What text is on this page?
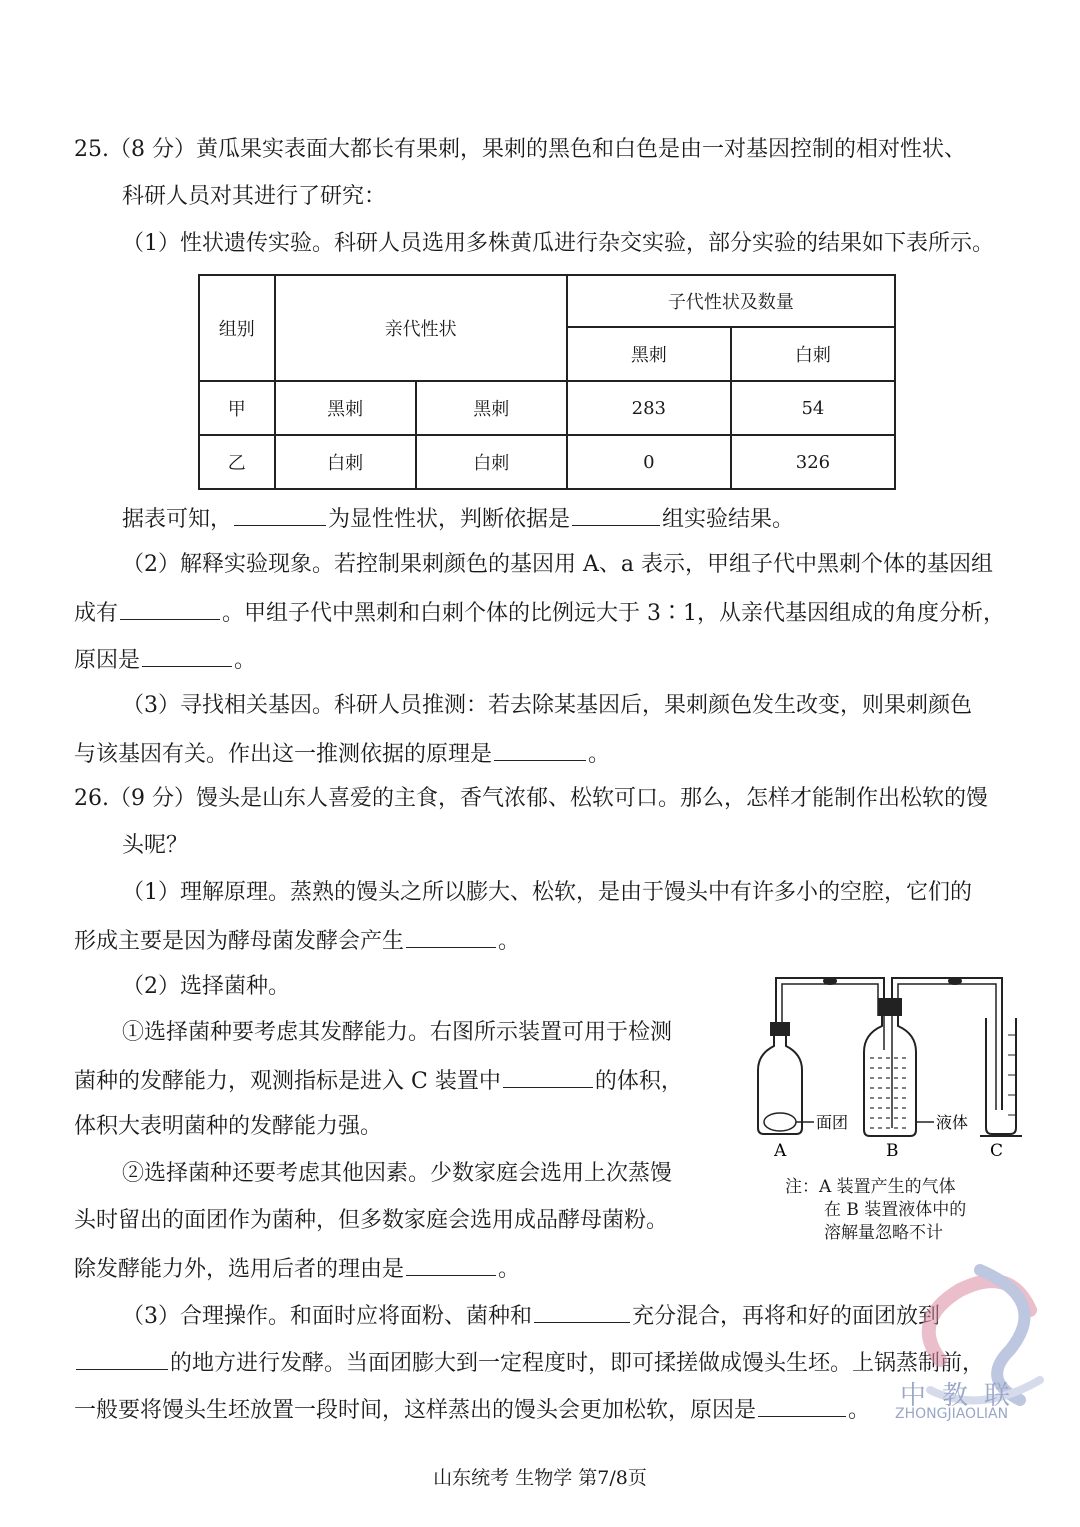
25.（8 分）黄瓜果实表面大都长有果刺，果刺的黑色和白色是由一对基因控制的相对性状、
科研人员对其进行了研究：
（1）性状遗传实验。科研人员选用多株黄瓜进行杂交实验，部分实验的结果如下表所示。
组别	亲代性状		子代性状及数量	
			黑刺	白刺
甲	黑刺	黑刺	283	54
乙	白刺	白刺	0	326
据表可知，	为显性性状，判断依据是	组实验结果。
（2）解释实验现象。若控制果刺颜色的基因用 A、a 表示，甲组子代中黑刺个体的基因组
成有	。甲组子代中黑刺和白刺个体的比例远大于 3∶1，从亲代基因组成的角度分析，
原因是	。
（3）寻找相关基因。科研人员推测：若去除某基因后，果刺颜色发生改变，则果刺颜色
与该基因有关。作出这一推测依据的原理是	。
26.（9 分）馒头是山东人喜爱的主食，香气浓郁、松软可口。那么，怎样才能制作出松软的馒
头呢？
（1）理解原理。蒸熟的馒头之所以膨大、松软，是由于馒头中有许多小的空腔，它们的
形成主要是因为酵母菌发酵会产生	。
（2）选择菌种。
①选择菌种要考虑其发酵能力。右图所示装置可用于检测
菌种的发酵能力，观测指标是进入 C 装置中	的体积，
体积大表明菌种的发酵能力强。
②选择菌种还要考虑其他因素。少数家庭会选用上次蒸馒
头时留出的面团作为菌种，但多数家庭会选用成品酵母菌粉。
除发酵能力外，选用后者的理由是	。
（3）合理操作。和面时应将面粉、菌种和	充分混合，再将和好的面团放到
的地方进行发酵。当面团膨大到一定程度时，即可揉搓做成馒头生坯。上锅蒸制前，
一般要将馒头生坯放置一段时间，这样蒸出的馒头会更加松软，原因是	。
面团	液体
A	B	C
注：A 装置产生的气体
在 B 装置液体中的
溶解量忽略不计
中教联
ZHONGJIAOLIAN
山东统考 生物学 第7/8页
